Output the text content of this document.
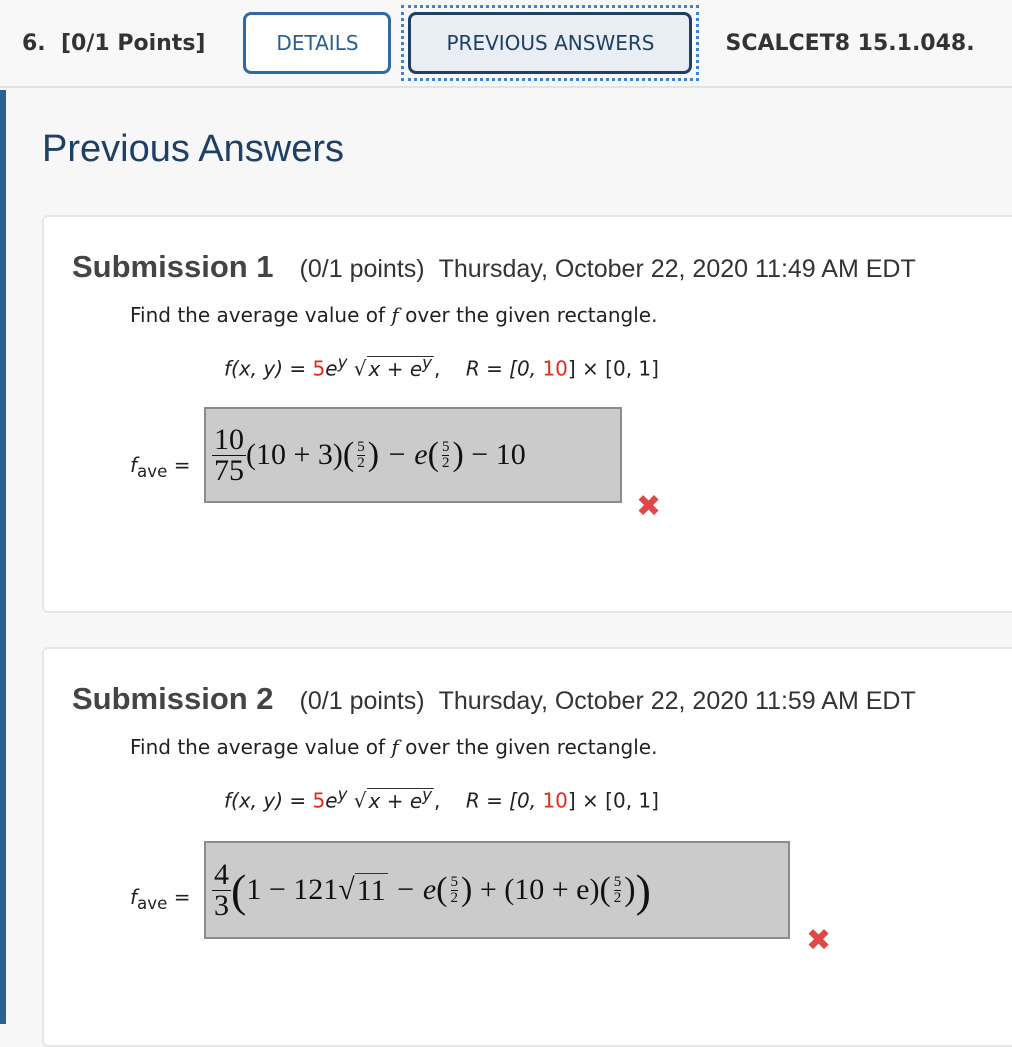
6. [0/1 Points]	DETAILS	PREVIOUS ANSWERS	SCALCET8 15.1.048.
Previous Answers
Submission 1 (0/1 points) Thursday, October 22, 2020 11:49 AM EDT
Find the average value of f over the given rectangle.
f(x, $y) = 5e^y$ √ $x + e^y$ , R = [0, 10] × [0, 1]
$f_{ave} = \frac{10}{75} (10 + 3)$ ( 5
2 )
− e ( 5
2 )
− 10
✖
Submission 2 (0/1 points) Thursday, October 22, 2020 11:59 AM EDT
Find the average value of f over the given rectangle.
f(x, $y) = 5e^y$ √ $x + e^y$ , R = [0, 10] × [0, 1]
$f_{ave} = \frac{4}{3}$ ( 1 − 121 √ 11
− e ( 5
2 )
+ (10 + e) ( 5
2 ) )
✖
